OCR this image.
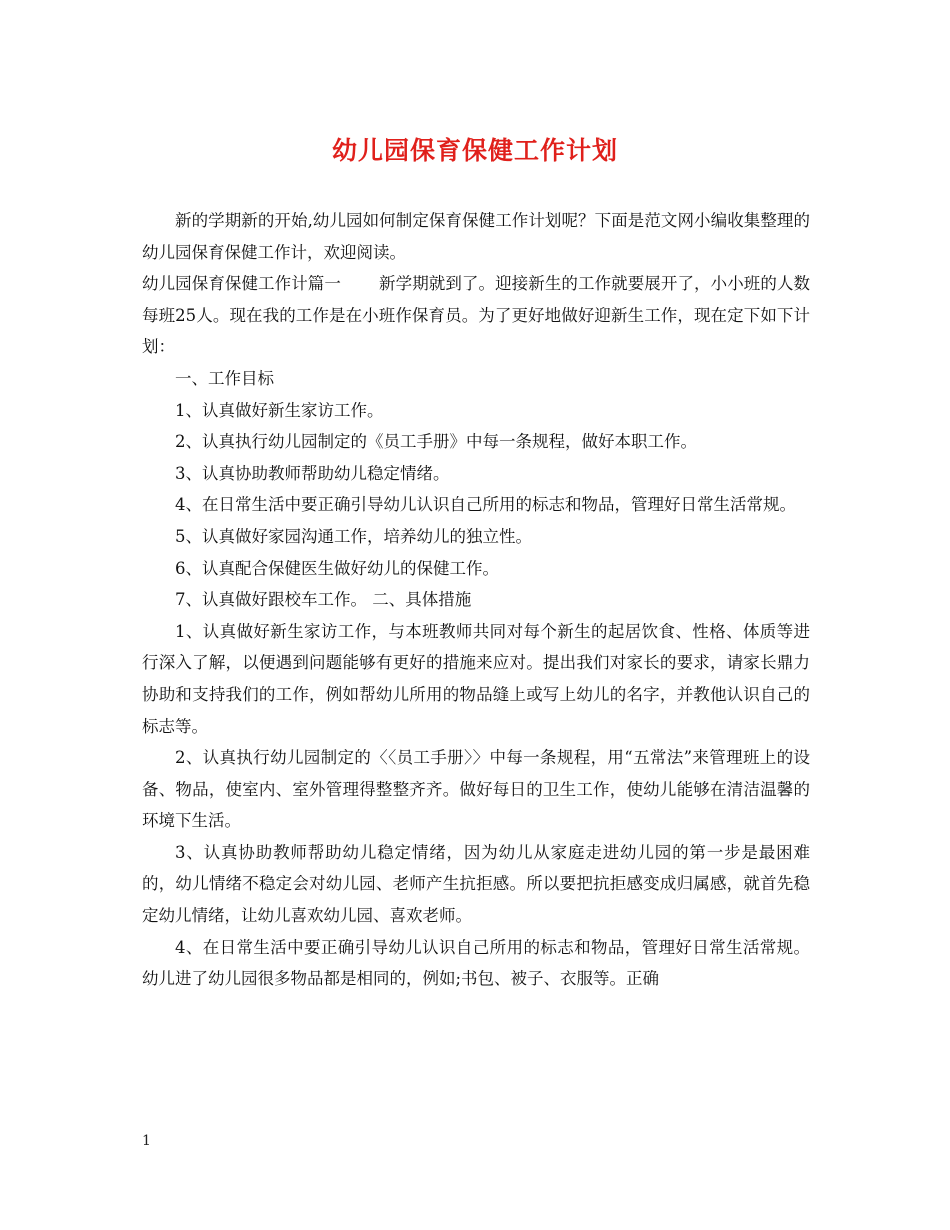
幼儿园保育保健工作计划

新的学期新的开始,幼儿园如何制定保育保健工作计划呢？下面是范文网小编收集整理的幼儿园保育保健工作计，欢迎阅读。

幼儿园保育保健工作计篇一 新学期就到了。迎接新生的工作就要展开了，小小班的人数每班25人。现在我的工作是在小班作保育员。为了更好地做好迎新生工作，现在定下如下计划：

一、工作目标

1、认真做好新生家访工作。

2、认真执行幼儿园制定的《员工手册》中每一条规程，做好本职工作。

3、认真协助教师帮助幼儿稳定情绪。

4、在日常生活中要正确引导幼儿认识自己所用的标志和物品，管理好日常生活常规。

5、认真做好家园沟通工作，培养幼儿的独立性。

6、认真配合保健医生做好幼儿的保健工作。

7、认真做好跟校车工作。 二、具体措施

1、认真做好新生家访工作，与本班教师共同对每个新生的起居饮食、性格、体质等进行深入了解，以便遇到问题能够有更好的措施来应对。提出我们对家长的要求，请家长鼎力协助和支持我们的工作，例如帮幼儿所用的物品缝上或写上幼儿的名字，并教他认识自己的标志等。

2、认真执行幼儿园制定的〈〈员工手册〉〉中每一条规程，用“五常法”来管理班上的设备、物品，使室内、室外管理得整整齐齐。做好每日的卫生工作，使幼儿能够在清洁温馨的环境下生活。

3、认真协助教师帮助幼儿稳定情绪，因为幼儿从家庭走进幼儿园的第一步是最困难的，幼儿情绪不稳定会对幼儿园、老师产生抗拒感。所以要把抗拒感变成归属感，就首先稳定幼儿情绪，让幼儿喜欢幼儿园、喜欢老师。

4、在日常生活中要正确引导幼儿认识自己所用的标志和物品，管理好日常生活常规。幼儿进了幼儿园很多物品都是相同的，例如;书包、被子、衣服等。正确

1
